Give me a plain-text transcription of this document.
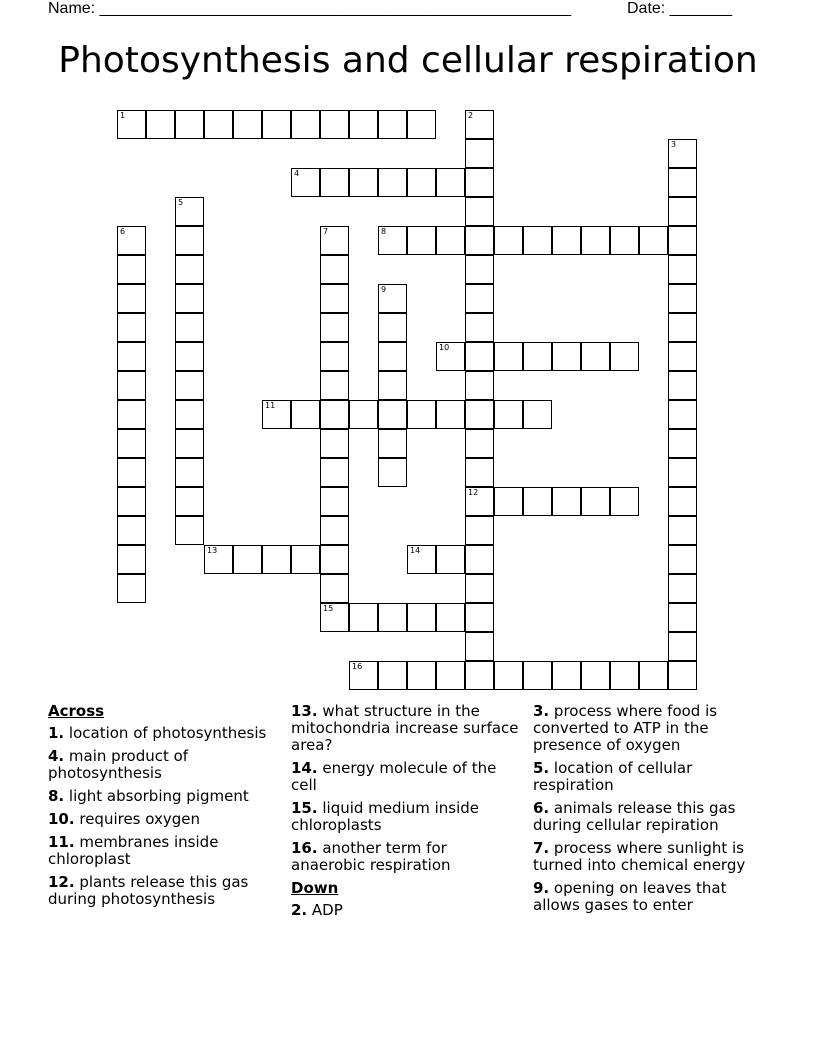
Name: _____________________________________________________	Date: _______
Photosynthesis and cellular respiration
1	2
12
3
4
5
6	7	8
9
10
11
13	14
15
16
Across
1. location of photosynthesis
4. main product of photosynthesis
8. light absorbing pigment
10. requires oxygen
11. membranes inside chloroplast
12. plants release this gas during photosynthesis
13. what structure in the mitochondria increase surface area?
14. energy molecule of the cell
15. liquid medium inside chloroplasts
16. another term for anaerobic respiration
Down
2. ADP
3. process where food is converted to ATP in the presence of oxygen
5. location of cellular respiration
6. animals release this gas during cellular repiration
7. process where sunlight is turned into chemical energy
9. opening on leaves that allows gases to enter
